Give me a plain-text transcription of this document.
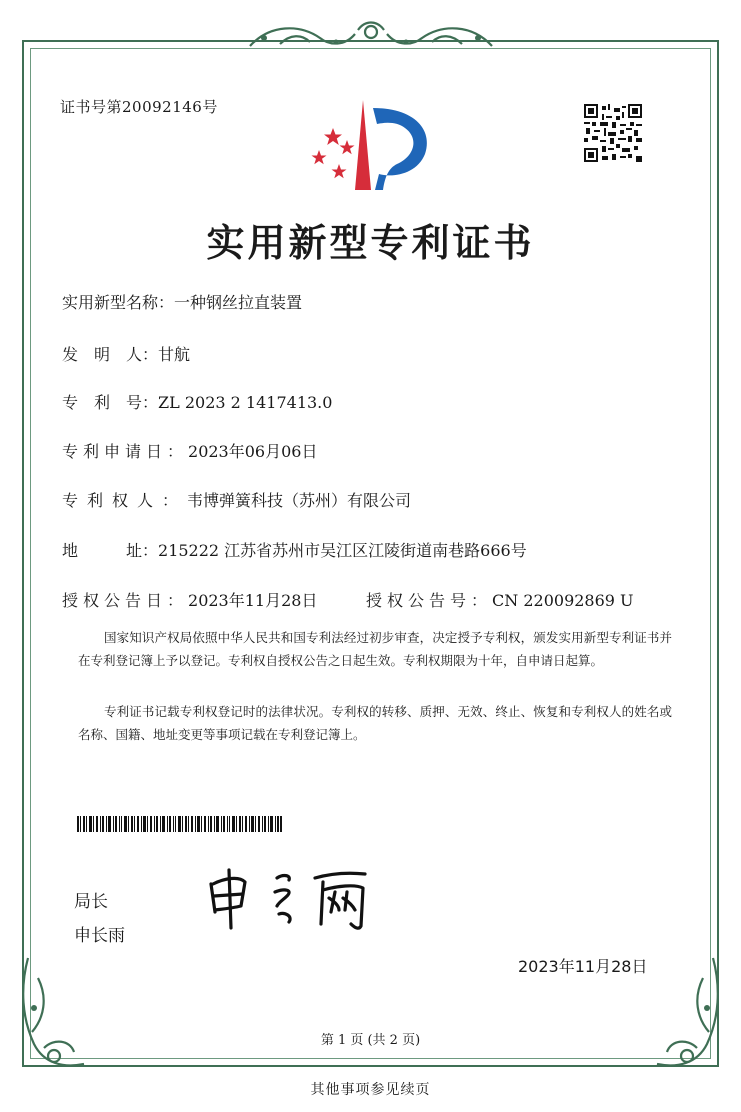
证书号第20092146号
实用新型专利证书
实用新型名称：一种钢丝拉直装置
发　明　人：甘航
专　利　号：ZL 2023 2 1417413.0
专利申请日：2023年06月06日
专利权人：韦博弹簧科技（苏州）有限公司
地　　　址：215222 江苏省苏州市吴江区江陵街道南巷路666号
授权公告日：2023年11月28日	授权公告号：CN 220092869 U
国家知识产权局依照中华人民共和国专利法经过初步审查，决定授予专利权，颁发实用新型专利证书并在专利登记簿上予以登记。专利权自授权公告之日起生效。专利权期限为十年，自申请日起算。
专利证书记载专利权登记时的法律状况。专利权的转移、质押、无效、终止、恢复和专利权人的姓名或名称、国籍、地址变更等事项记载在专利登记簿上。
局长
申长雨
2023年11月28日
第 1 页 (共 2 页)
其他事项参见续页
